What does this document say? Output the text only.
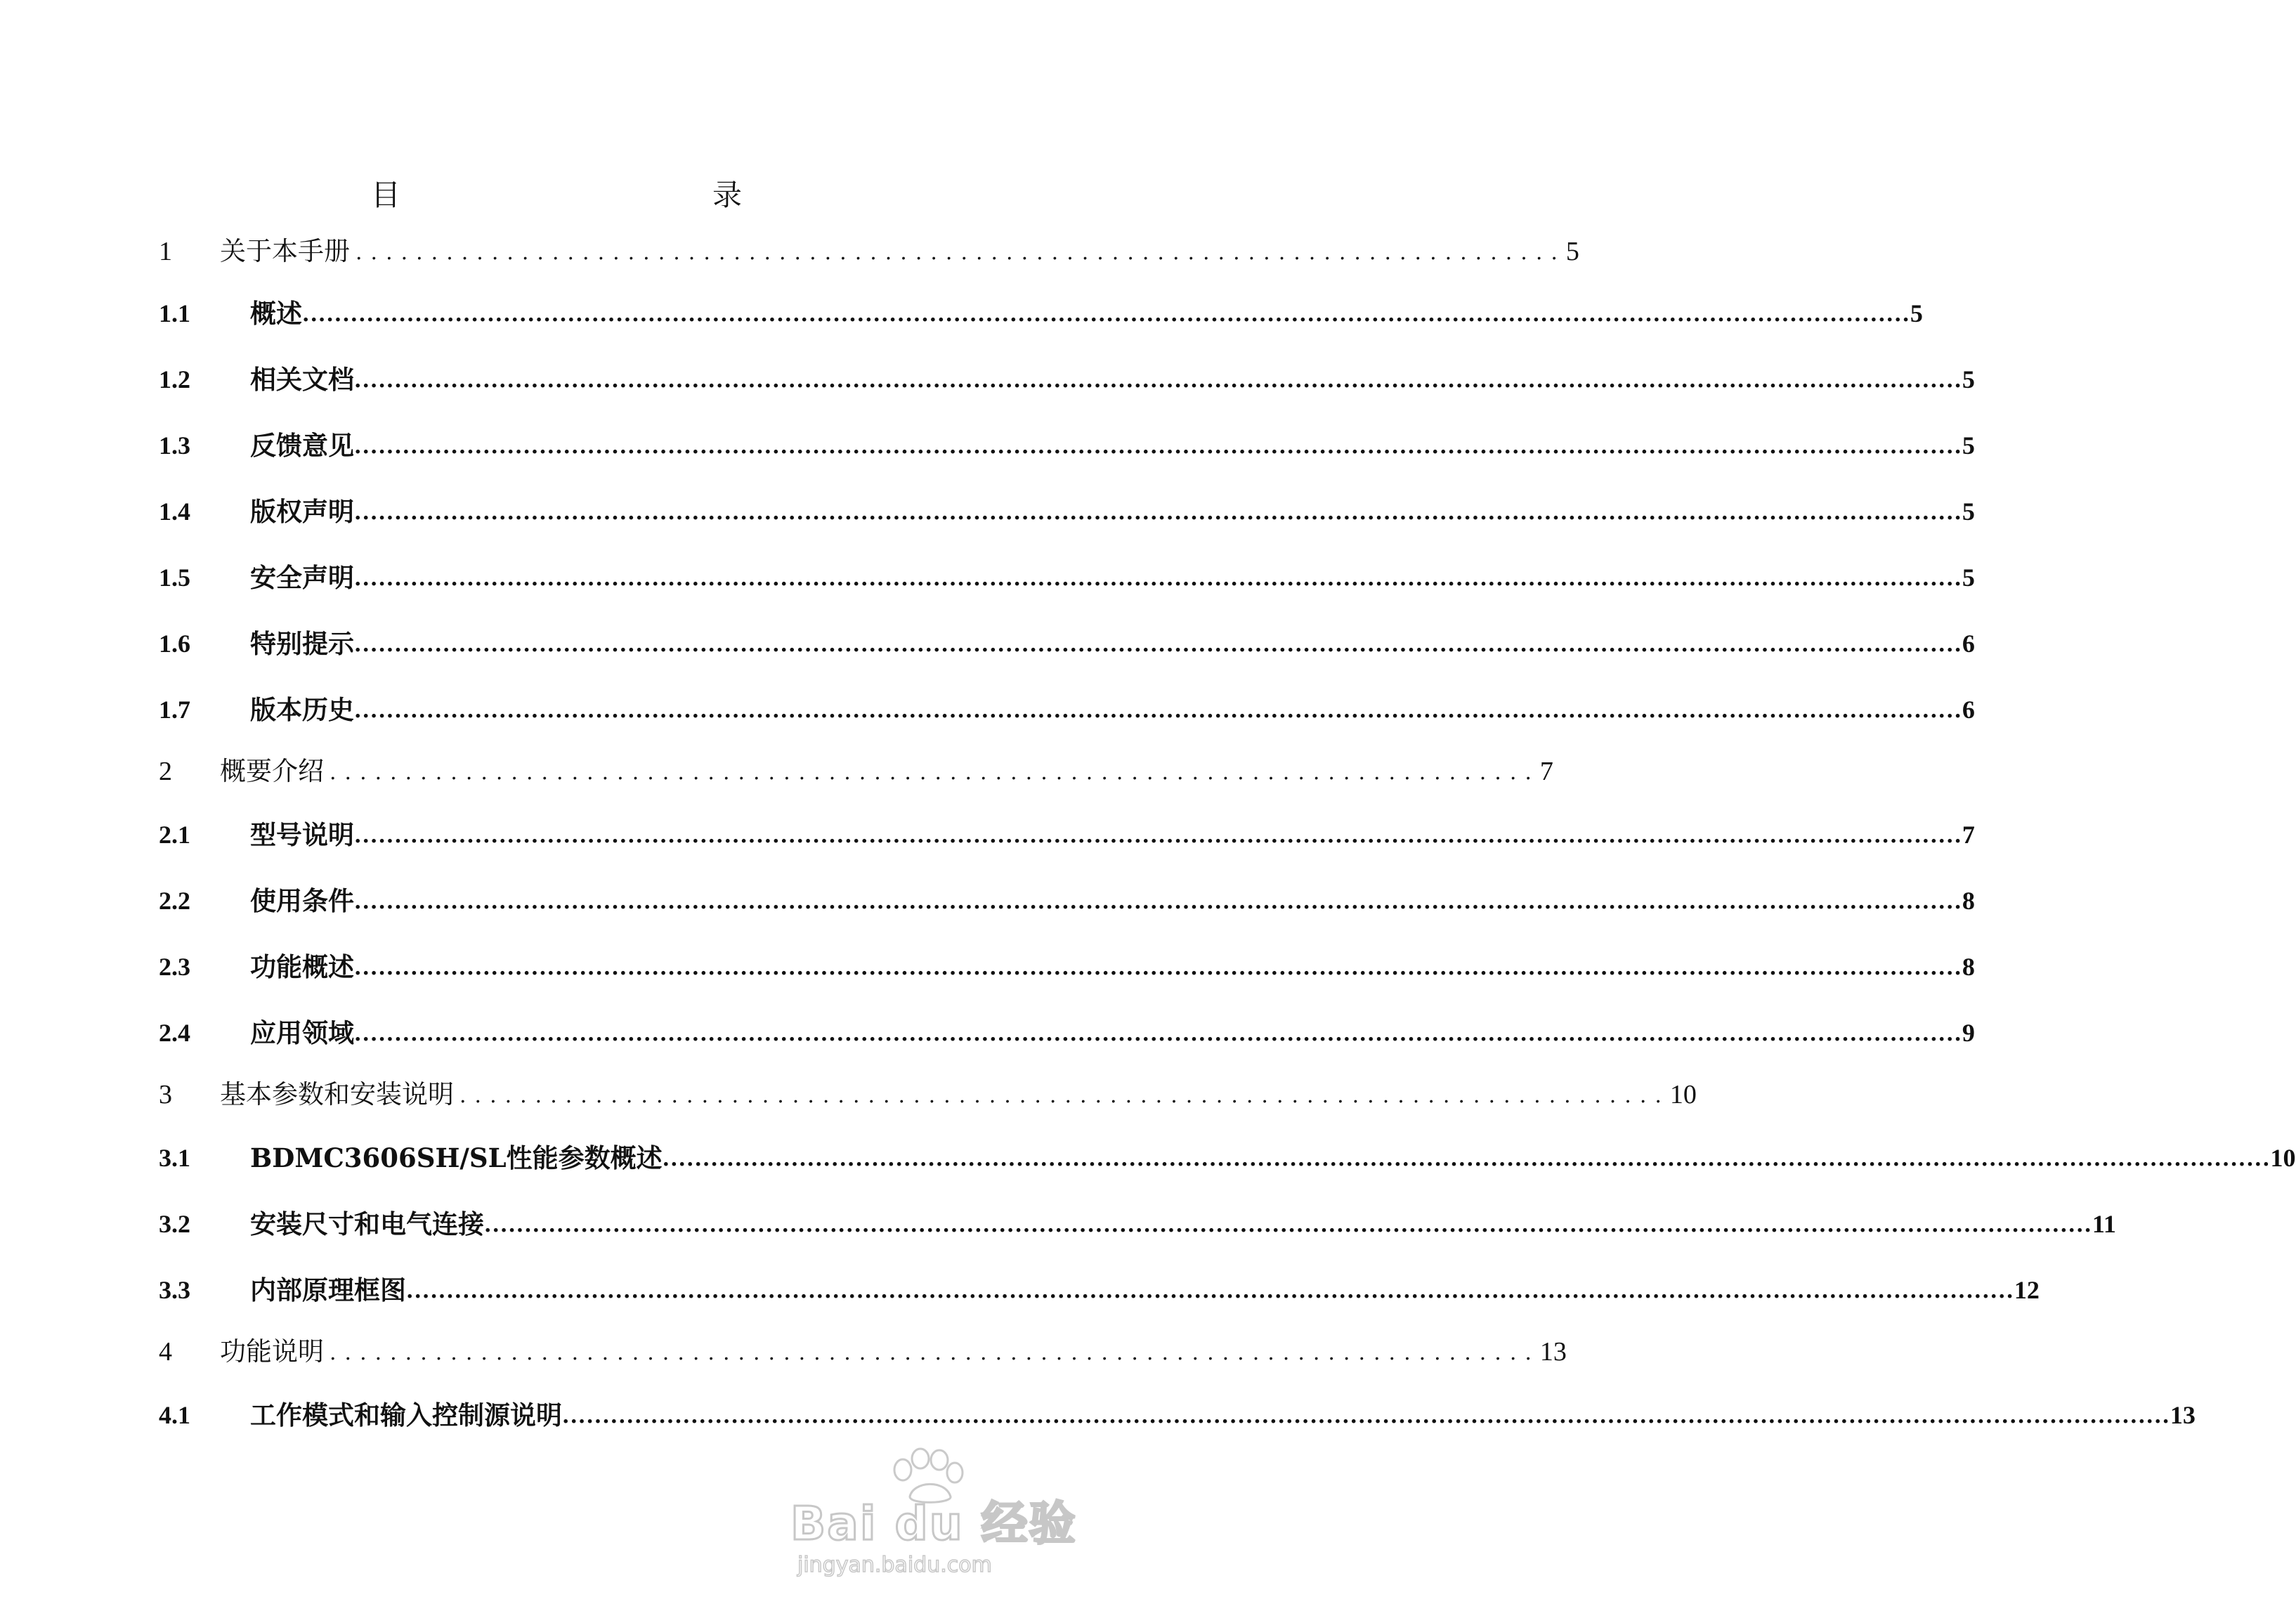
目　　录
1	关于本手册 ................................................................................ 5
1.1	概述 ........................................................................................................................................................................................................ 5
1.2	相关文档 ........................................................................................................................................................................................................ 5
1.3	反馈意见 ........................................................................................................................................................................................................ 5
1.4	版权声明 ........................................................................................................................................................................................................ 5
1.5	安全声明 ........................................................................................................................................................................................................ 5
1.6	特别提示 ........................................................................................................................................................................................................ 6
1.7	版本历史 ........................................................................................................................................................................................................ 6
2	概要介绍 ................................................................................ 7
2.1	型号说明 ........................................................................................................................................................................................................ 7
2.2	使用条件 ........................................................................................................................................................................................................ 8
2.3	功能概述 ........................................................................................................................................................................................................ 8
2.4	应用领域 ........................................................................................................................................................................................................ 9
3	基本参数和安装说明 ................................................................................ 10
3.1	BDMC3606SH/SL性能参数概述 ........................................................................................................................................................................................................ 10
3.2	安装尺寸和电气连接 ........................................................................................................................................................................................................ 11
3.3	内部原理框图 ........................................................................................................................................................................................................ 12
4	功能说明 ................................................................................ 13
4.1	工作模式和输入控制源说明 ........................................................................................................................................................................................................ 13
Bai du 经验
jingyan.baidu.com
